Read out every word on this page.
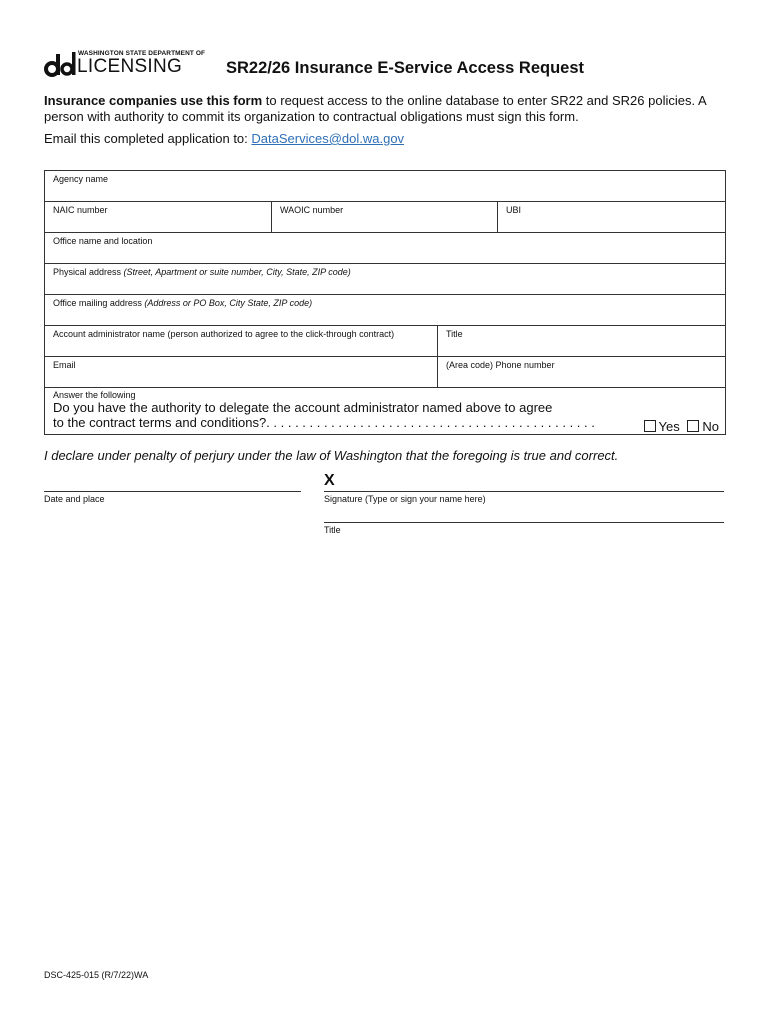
WASHINGTON STATE DEPARTMENT OF
LICENSING	SR22/26 Insurance E-Service Access Request
Insurance companies use this form to request access to the online database to enter SR22 and SR26 policies. A person with authority to commit its organization to contractual obligations must sign this form.
Email this completed application to: DataServices@dol.wa.gov
Agency name
NAIC number	WAOIC number	UBI
Office name and location
Physical address (Street, Apartment or suite number, City, State, ZIP code)
Office mailing address (Address or PO Box, City State, ZIP code)
Account administrator name (person authorized to agree to the click-through contract)	Title
Email	(Area code) Phone number
Answer the following
Do you have the authority to delegate the account administrator named above to agree
to the contract terms and conditions?. . . . . . . . . . . . . . . . . . . . . . . . . . . . . . . . . . . . . . . . . . . . . .	Yes No
I declare under penalty of perjury under the law of Washington that the foregoing is true and correct.
X
Date and place	Signature (Type or sign your name here)
Title
DSC-425-015 (R/7/22)WA
